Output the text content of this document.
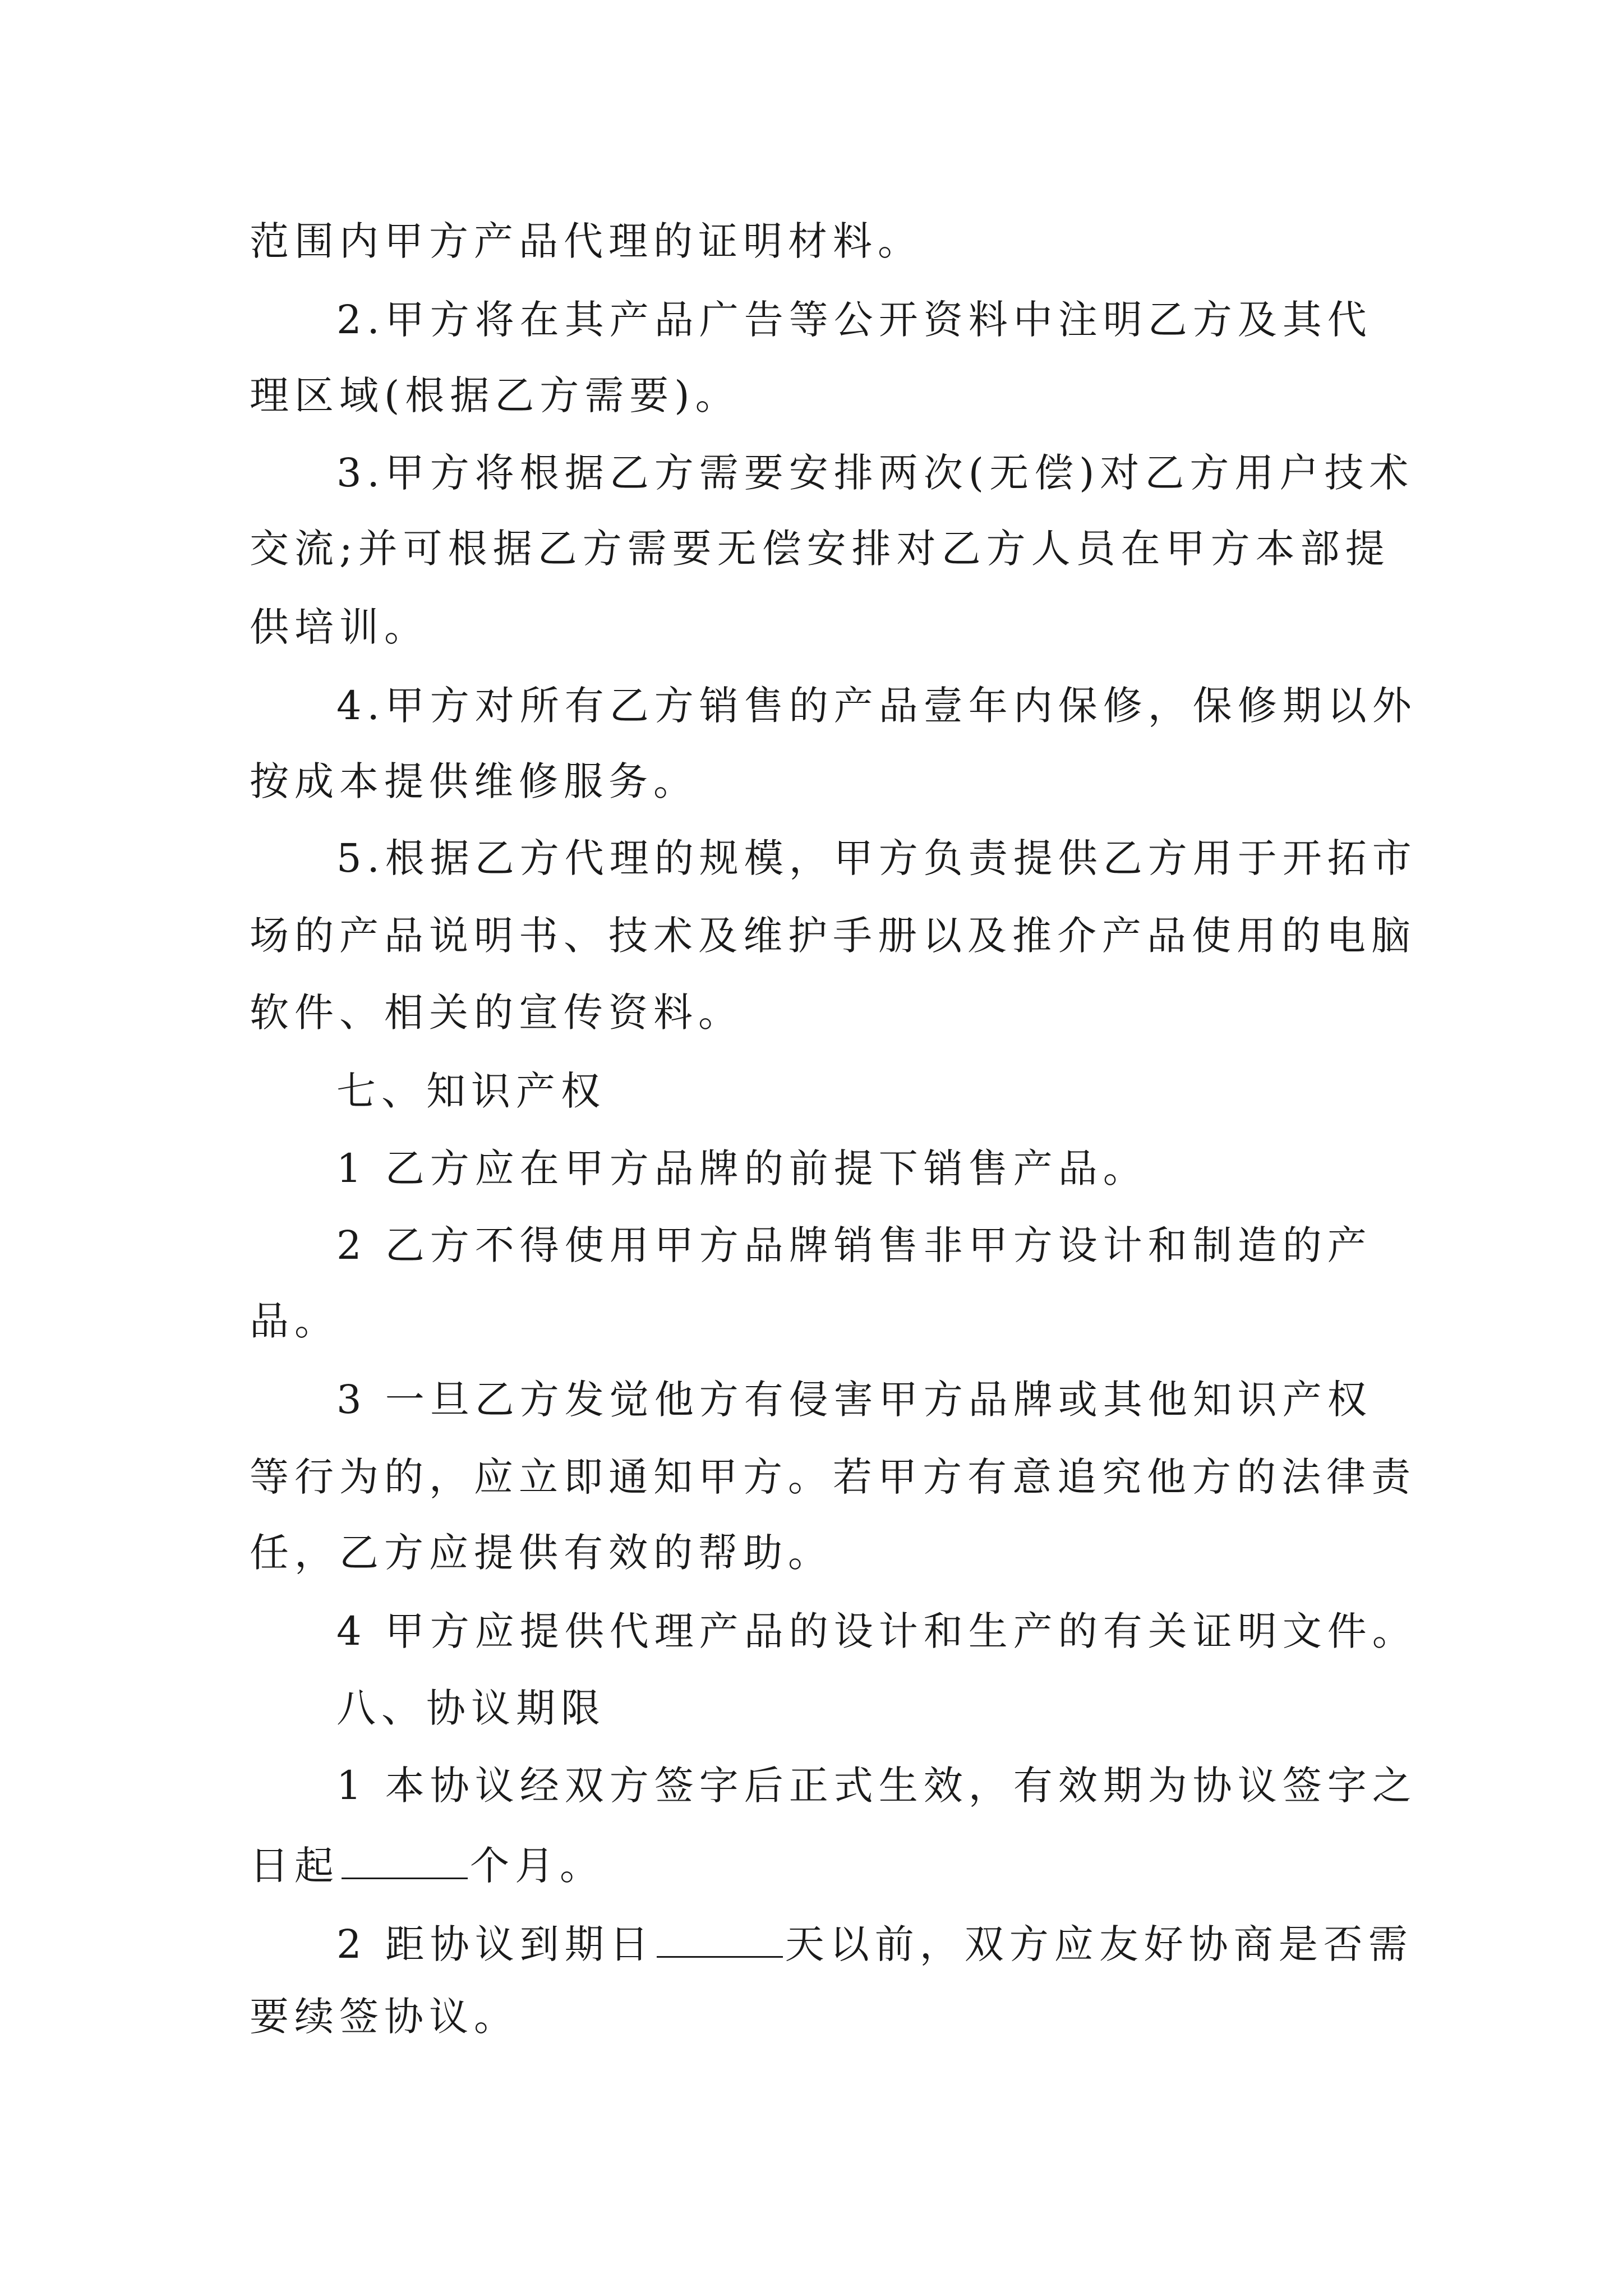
范围内甲方产品代理的证明材料。
2.甲方将在其产品广告等公开资料中注明乙方及其代
理区域(根据乙方需要)。
3.甲方将根据乙方需要安排两次(无偿)对乙方用户技术
交流;并可根据乙方需要无偿安排对乙方人员在甲方本部提
供培训。
4.甲方对所有乙方销售的产品壹年内保修，保修期以外
按成本提供维修服务。
5.根据乙方代理的规模，甲方负责提供乙方用于开拓市
场的产品说明书、技术及维护手册以及推介产品使用的电脑
软件、相关的宣传资料。
七、知识产权
1 乙方应在甲方品牌的前提下销售产品。
2 乙方不得使用甲方品牌销售非甲方设计和制造的产
品。
3 一旦乙方发觉他方有侵害甲方品牌或其他知识产权
等行为的，应立即通知甲方。若甲方有意追究他方的法律责
任，乙方应提供有效的帮助。
4 甲方应提供代理产品的设计和生产的有关证明文件。
八、协议期限
1 本协议经双方签字后正式生效，有效期为协议签字之
日起	个月。
2 距协议到期日	天以前，双方应友好协商是否需
要续签协议。
